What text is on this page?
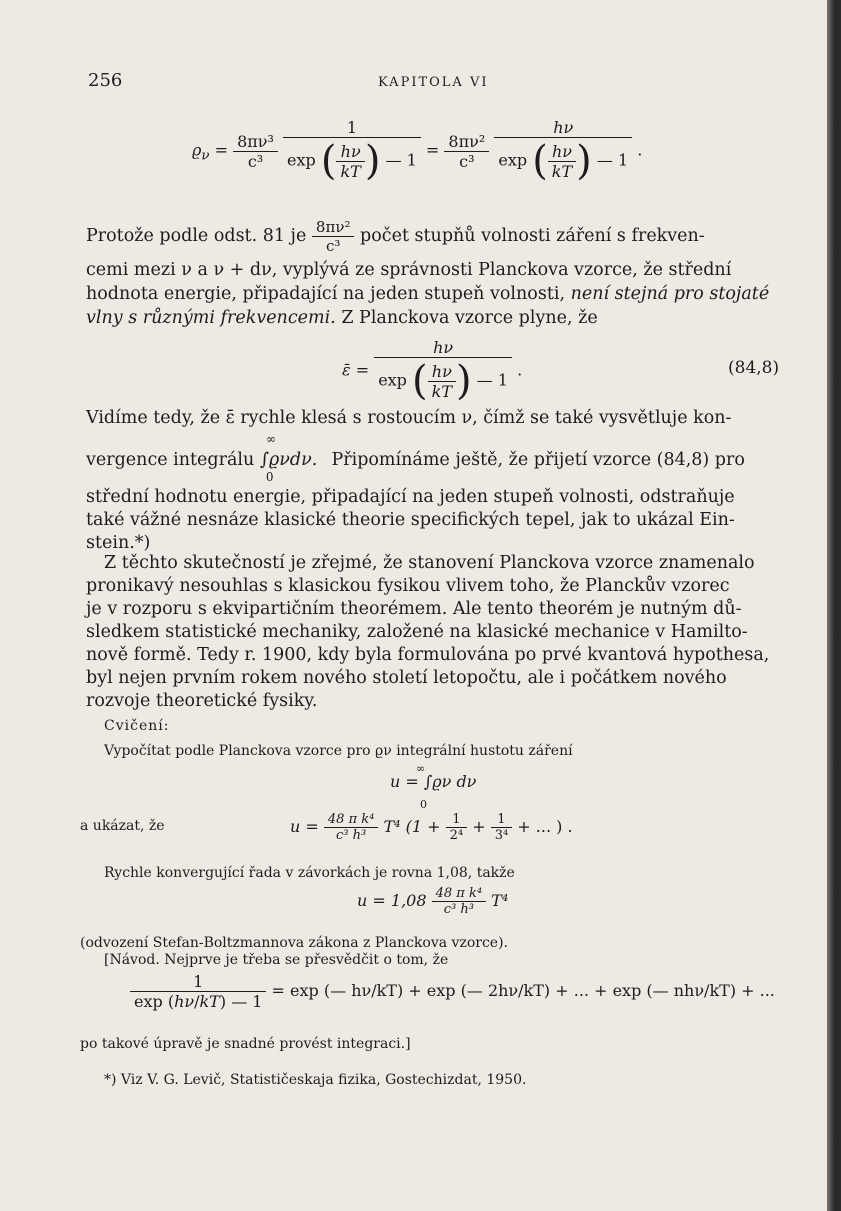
256	KAPITOLA VI
$ϱ_\nu = \frac{\text{8πν³}}{\text{c³}}$
$\frac{1}{\exp ( \frac{h\nu}{kT} ) — 1} = \frac{\text{8πν²}}{\text{c³}}$
$\frac{h\nu}{\exp ( \frac{h\nu}{kT} ) — 1}$ .
Protože podle odst. 81 je $\frac{\text{8πν²}}{\text{c³}}$ počet stupňů volnosti záření s frekven-
cemi mezi ν a ν + dν, vyplývá ze správnosti Planckova vzorce, že střední
hodnota energie, připadající na jeden stupeň volnosti, není stejná pro stojaté
vlny s různými frekvencemi. Z Planckova vzorce plyne, že
ε̄ = $\frac{h\nu}{\exp ( \frac{h\nu}{kT} ) — 1}$ .	(84,8)
Vidíme tedy, že ε̄ rychle klesá s rostoucím ν, čímž se také vysvětluje kon-
vergence integrálu
∞
∫ϱνdν.
0
Připomínáme ještě, že přijetí vzorce (84,8) pro
střední hodnotu energie, připadající na jeden stupeň volnosti, odstraňuje
také vážné nesnáze klasické theorie specifických tepel, jak to ukázal Ein-
stein.*)
Z těchto skutečností je zřejmé, že stanovení Planckova vzorce znamenalo
pronikavý nesouhlas s klasickou fysikou vlivem toho, že Planckův vzorec
je v rozporu s ekvipartičním theorémem. Ale tento theorém je nutným dů-
sledkem statistické mechaniky, založené na klasické mechanice v Hamilto-
nově formě. Tedy r. 1900, kdy byla formulována po prvé kvantová hypothesa,
byl nejen prvním rokem nového století letopočtu, ale i počátkem nového
rozvoje theoretické fysiky.
Cvičení:
Vypočítat podle Planckova vzorce pro ϱν integrální hustotu záření
∞
u = ∫ϱν dν
0
a ukázat, že	$u = \frac{\text{48 π k⁴}}{\text{c³ h³}} T^4$ ($1 + \frac{1}{\text{2⁴}} + \frac{1}{\text{3⁴}}$ + ... ) .
Rychle konvergující řada v závorkách je rovna 1,08, takže
$u = 1,08 \frac{\text{48 π k⁴}}{\text{c³ h³}} T^4$
(odvození Stefan-Boltzmannova zákona z Planckova vzorce).
[Návod. Nejprve je třeba se přesvědčit o tom, že
$\frac{1}{\exp (h\nu/kT) — 1} = \exp$ (— hν/kT) + exp (— 2hν/kT) + ... + exp (— nhν/kT) + ...
po takové úpravě je snadné provést integraci.]
*) Viz V. G. Levič, Statističeskaja fizika, Gostechizdat, 1950.
